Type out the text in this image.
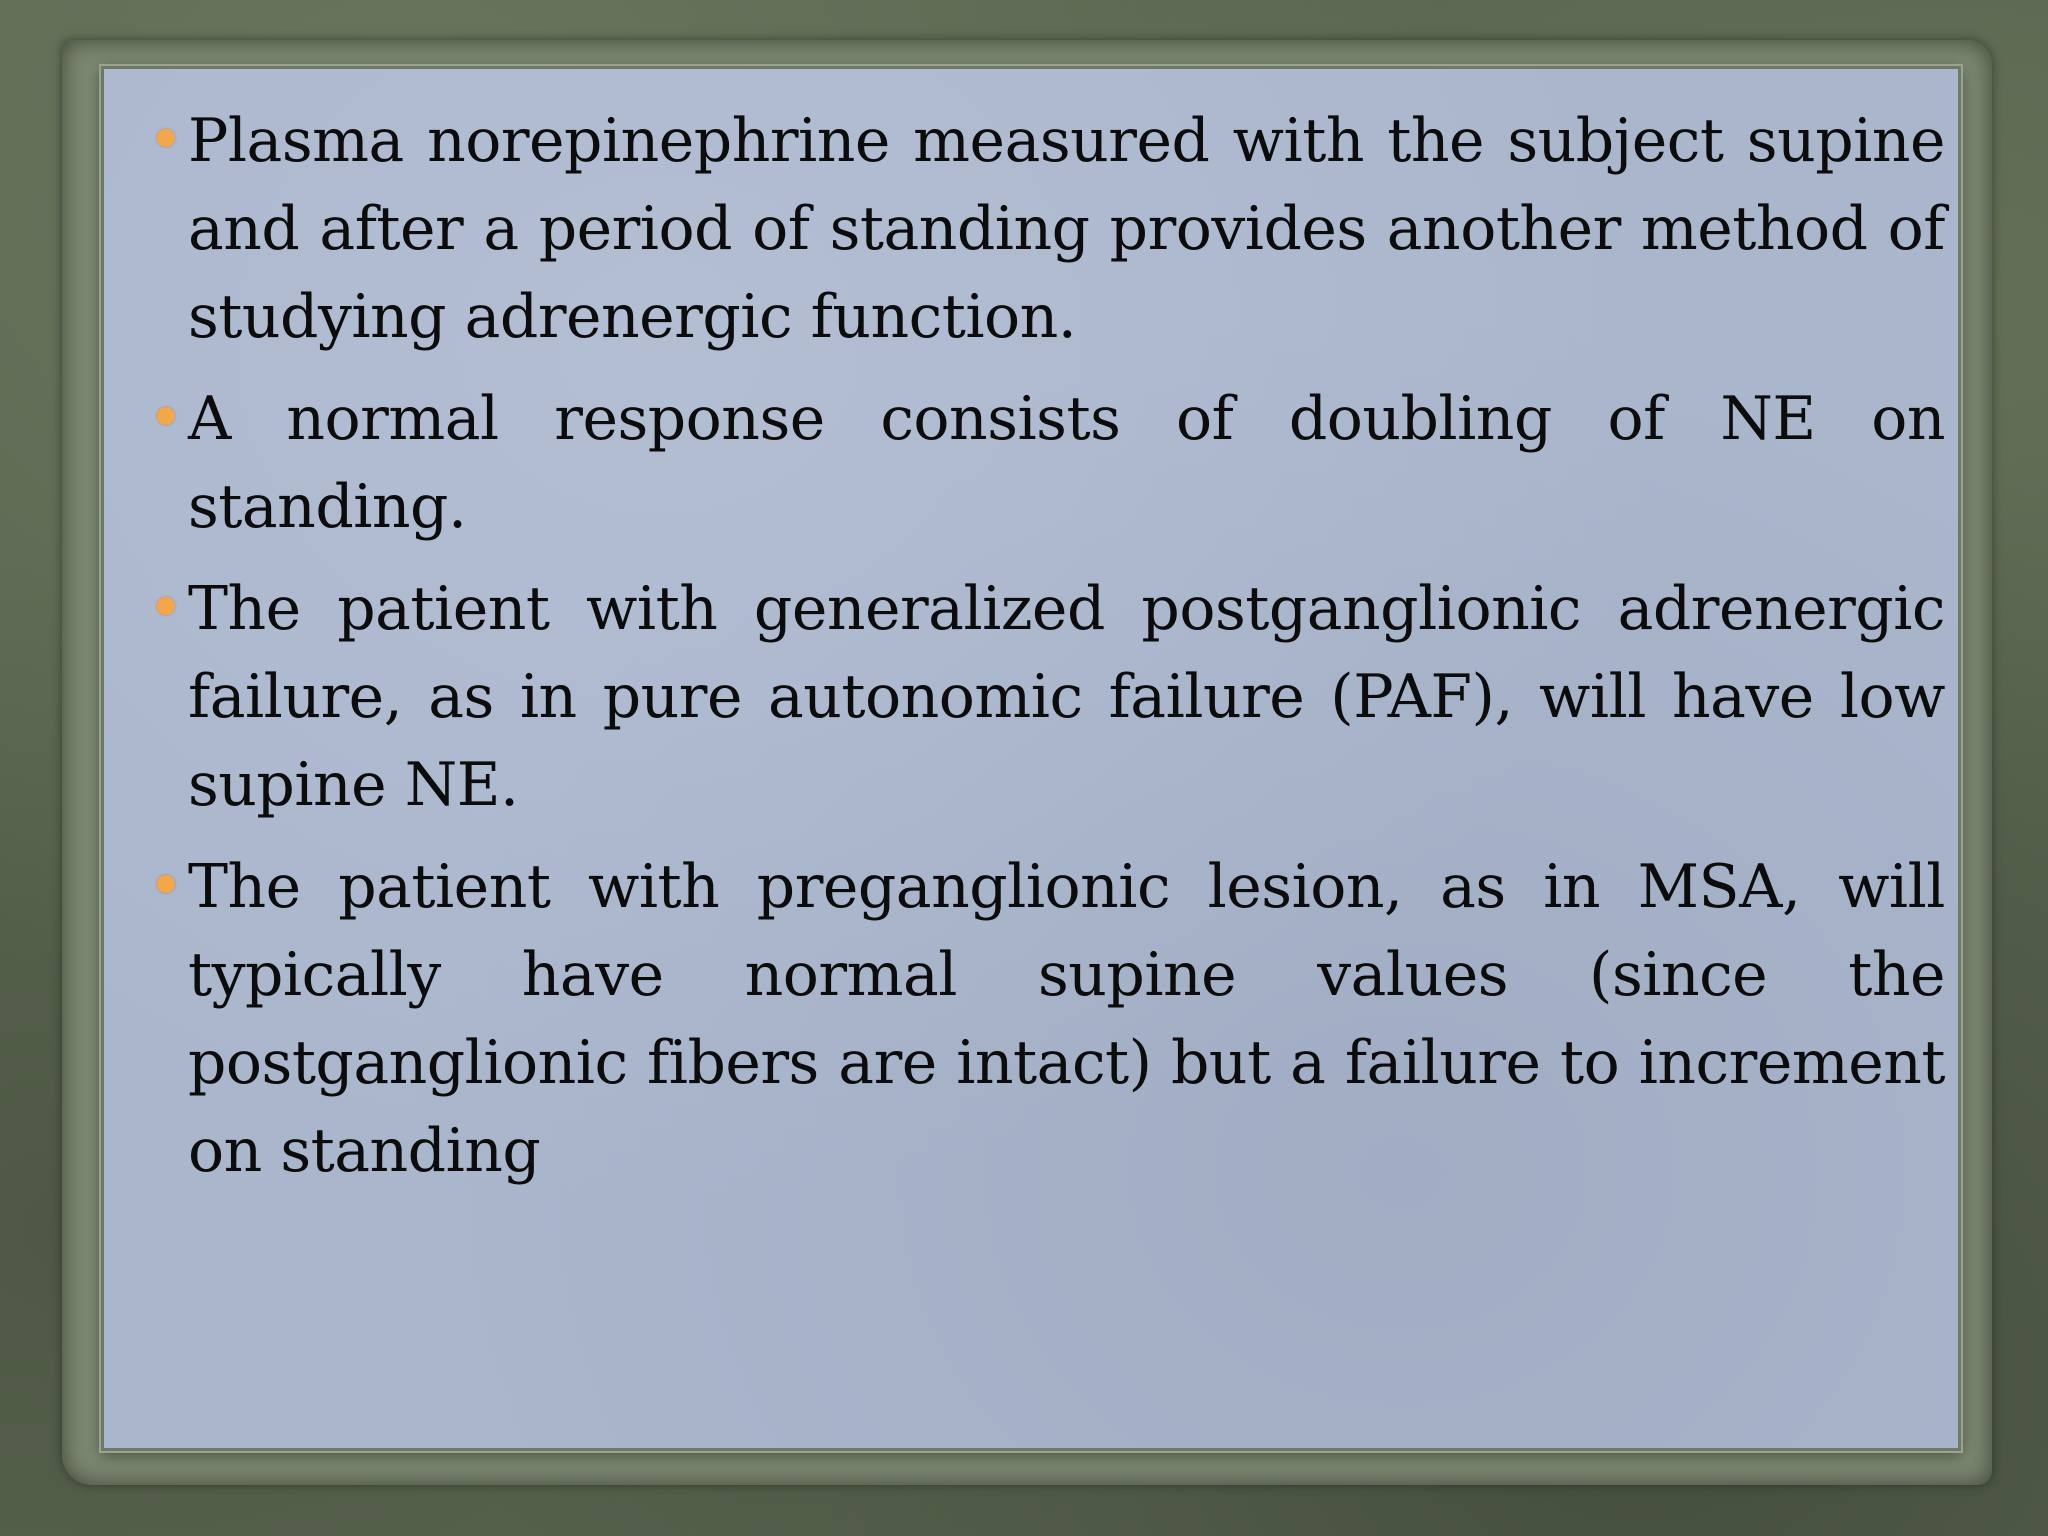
Plasma norepinephrine measured with the subject supine and after a period of standing provides another method of studying adrenergic function.

A normal response consists of doubling of NE on standing.

The patient with generalized postganglionic adrenergic failure, as in pure autonomic failure (PAF), will have low supine NE.

The patient with preganglionic lesion, as in MSA, will typically have normal supine values (since the postganglionic fibers are intact) but a failure to increment on standing
